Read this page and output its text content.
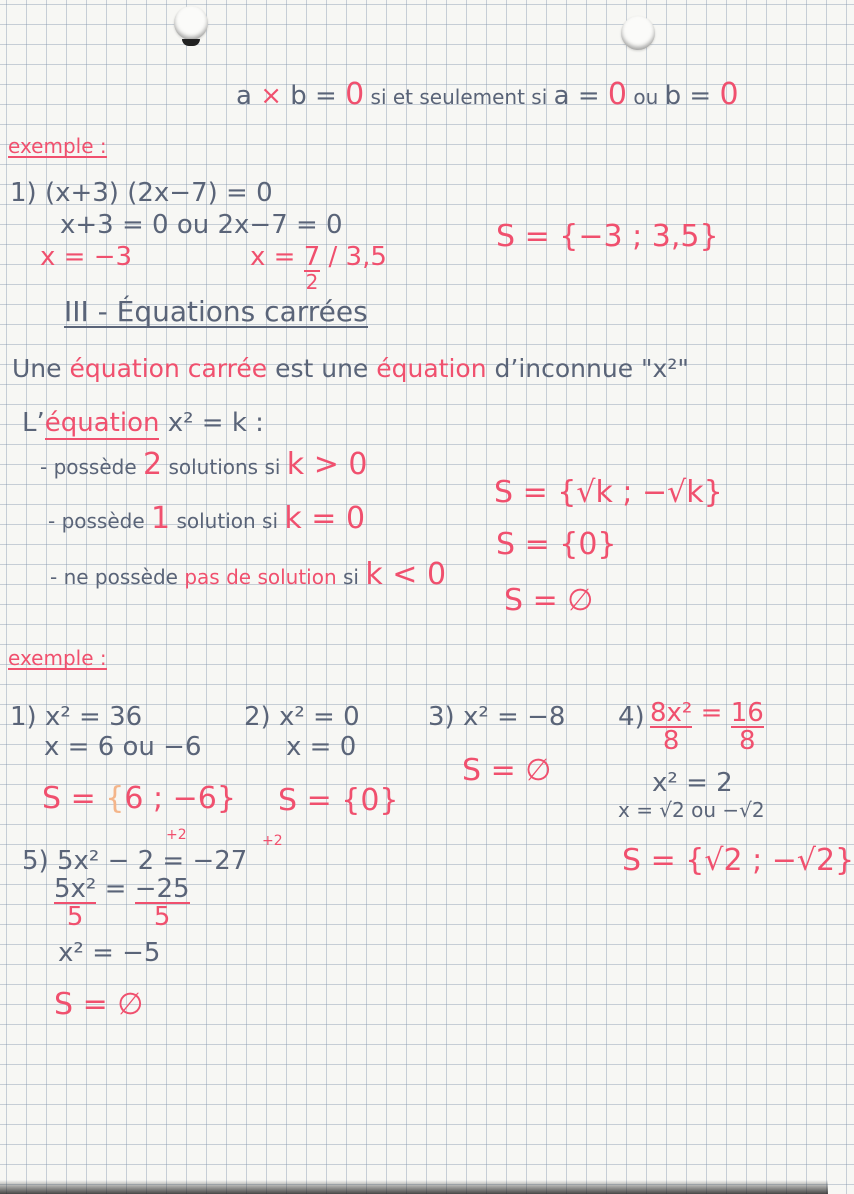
a × b = 0 si et seulement si a = 0 ou b = 0
exemple :
1) (x+3) (2x−7) = 0
x+3 = 0 ou 2x−7 = 0
x = −3	x = 7
2
/ 3,5
S = {−3 ; 3,5}
III - Équations carrées
Une équation carrée est une équation d’inconnue "x²"
L’équation x² = k :
- possède 2 solutions si k > 0
- possède 1 solution si k = 0
- ne possède pas de solution si k < 0
S = {√k ; −√k}
S = {0}
S = ∅
exemple :
1) x² = 36
x = 6 ou −6
S = {6 ; −6}
2) x² = 0
x = 0
S = {0}
3) x² = −8
S = ∅
$4) \frac{\text{8x²}}{8} = \frac{16}{8}$
x² = 2
x = √2 ou −√2
S = {√2 ; −√2}
+2	+2
5) 5x² − 2 = −27
$\frac{\text{5x²}}{5} = \frac{-25}{5}$
x² = −5
S = ∅
